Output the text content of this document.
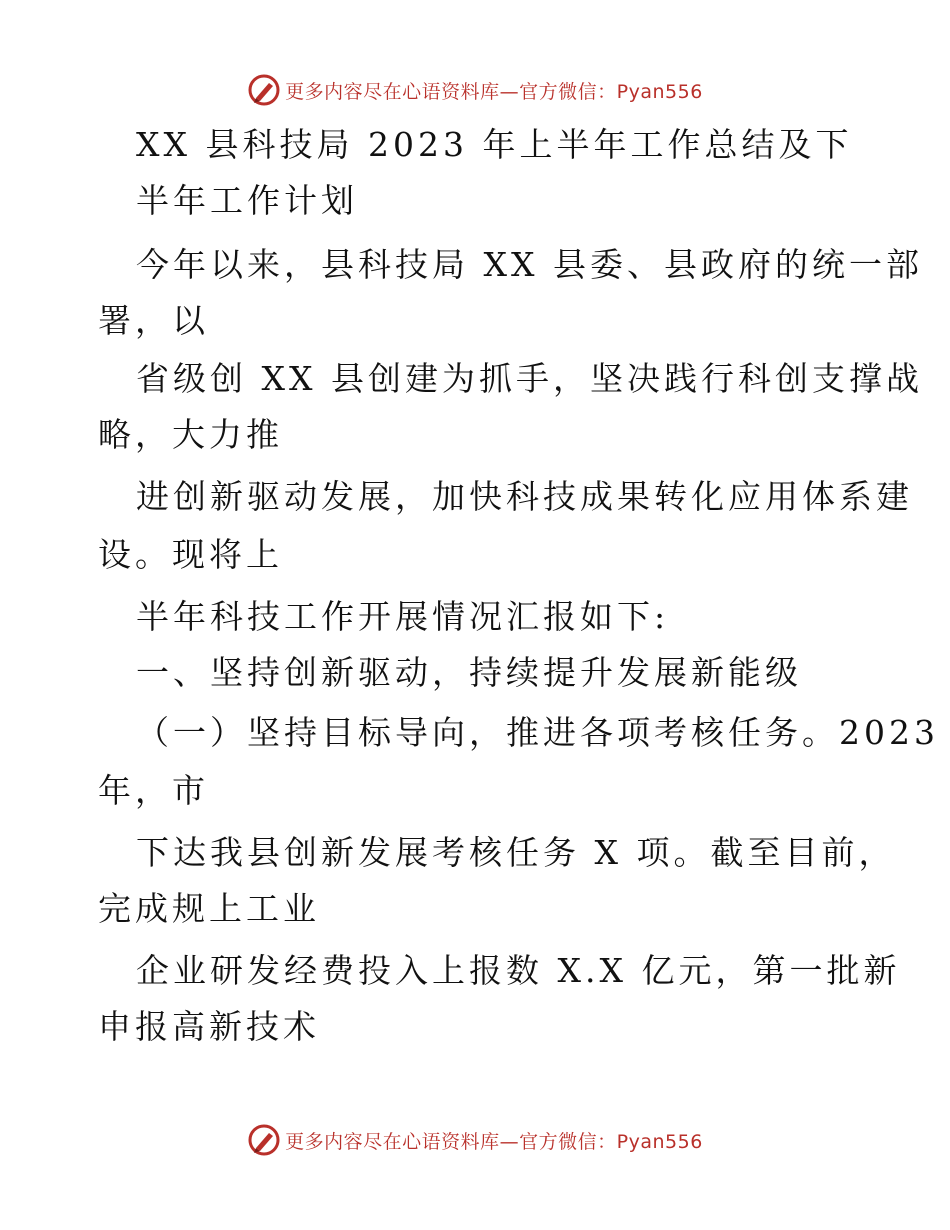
更多内容尽在心语资料库—官方微信：Pyan556
XX 县科技局 2023 年上半年工作总结及下
半年工作计划
今年以来，县科技局 XX 县委、县政府的统一部
署，以
省级创 XX 县创建为抓手，坚决践行科创支撑战
略，大力推
进创新驱动发展，加快科技成果转化应用体系建
设。现将上
半年科技工作开展情况汇报如下:
一、坚持创新驱动，持续提升发展新能级
（一）坚持目标导向，推进各项考核任务。2023
年，市
下达我县创新发展考核任务 X 项。截至目前，
完成规上工业
企业研发经费投入上报数 X.X 亿元，第一批新
申报高新技术
更多内容尽在心语资料库—官方微信：Pyan556
